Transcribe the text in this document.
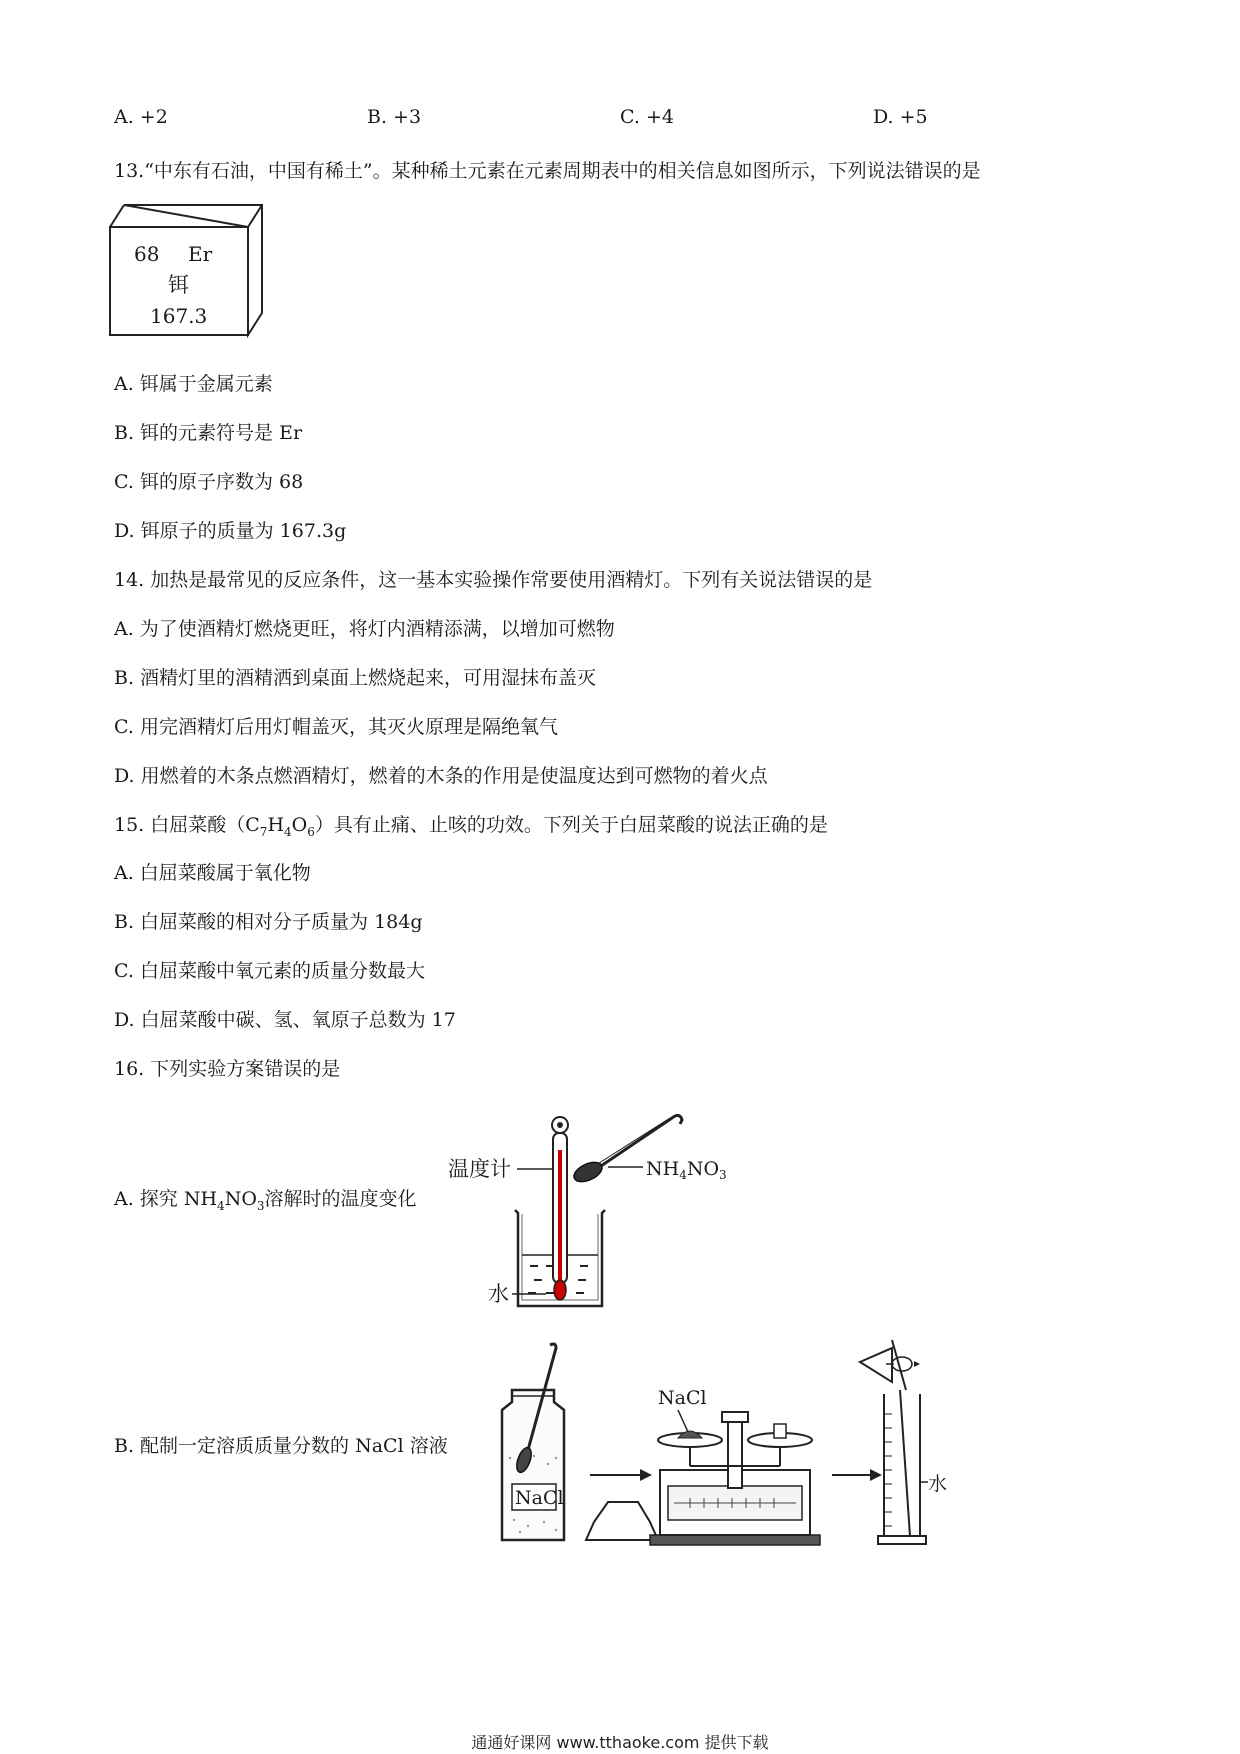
A. +2	B. +3	C. +4	D. +5
13.“中东有石油，中国有稀土”。某种稀土元素在元素周期表中的相关信息如图所示，下列说法错误的是
68 Er
铒
167.3
A. 铒属于金属元素
B. 铒的元素符号是 Er
C. 铒的原子序数为 68
D. 铒原子的质量为 167.3g
14. 加热是最常见的反应条件，这一基本实验操作常要使用酒精灯。下列有关说法错误的是
A. 为了使酒精灯燃烧更旺，将灯内酒精添满，以增加可燃物
B. 酒精灯里的酒精洒到桌面上燃烧起来，可用湿抹布盖灭
C. 用完酒精灯后用灯帽盖灭，其灭火原理是隔绝氧气
D. 用燃着的木条点燃酒精灯，燃着的木条的作用是使温度达到可燃物的着火点
15. 白屈菜酸$(C_7H_4O_6)$具有止痛、止咳的功效。下列关于白屈菜酸的说法正确的是
A. 白屈菜酸属于氧化物
B. 白屈菜酸的相对分子质量为 184g
C. 白屈菜酸中氧元素的质量分数最大
D. 白屈菜酸中碳、氢、氧原子总数为 17
16. 下列实验方案错误的是
A. 探究 $NH_4NO_3$溶解时的温度变化
温度计
水
$NH_4NO_3$
B. 配制一定溶质质量分数的 NaCl 溶液
NaCl
NaCl
水
通通好课网 www.tthaoke.com 提供下载
